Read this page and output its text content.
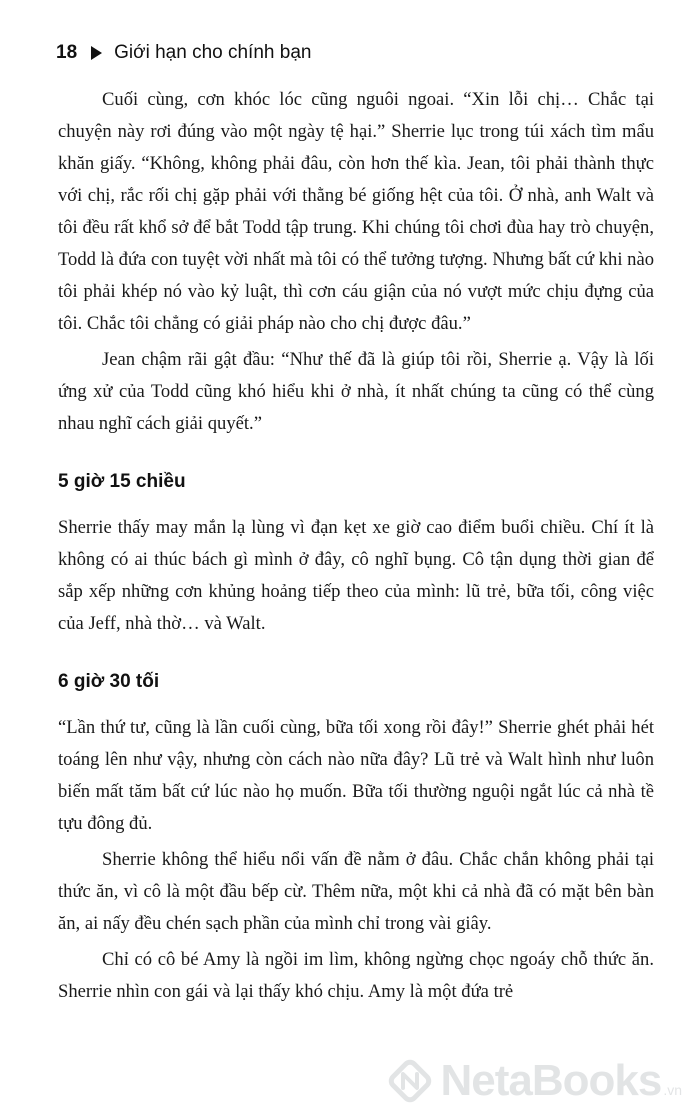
18 Giới hạn cho chính bạn

Cuối cùng, cơn khóc lóc cũng nguôi ngoai. “Xin lỗi chị… Chắc tại chuyện này rơi đúng vào một ngày tệ hại.” Sherrie lục trong túi xách tìm mẩu khăn giấy. “Không, không phải đâu, còn hơn thế kìa. Jean, tôi phải thành thực với chị, rắc rối chị gặp phải với thằng bé giống hệt của tôi. Ở nhà, anh Walt và tôi đều rất khổ sở để bắt Todd tập trung. Khi chúng tôi chơi đùa hay trò chuyện, Todd là đứa con tuyệt vời nhất mà tôi có thể tưởng tượng. Nhưng bất cứ khi nào tôi phải khép nó vào kỷ luật, thì cơn cáu giận của nó vượt mức chịu đựng của tôi. Chắc tôi chẳng có giải pháp nào cho chị được đâu.”

Jean chậm rãi gật đầu: “Như thế đã là giúp tôi rồi, Sherrie ạ. Vậy là lối ứng xử của Todd cũng khó hiểu khi ở nhà, ít nhất chúng ta cũng có thể cùng nhau nghĩ cách giải quyết.”

5 giờ 15 chiều

Sherrie thấy may mắn lạ lùng vì đạn kẹt xe giờ cao điểm buổi chiều. Chí ít là không có ai thúc bách gì mình ở đây, cô nghĩ bụng. Cô tận dụng thời gian để sắp xếp những cơn khủng hoảng tiếp theo của mình: lũ trẻ, bữa tối, công việc của Jeff, nhà thờ… và Walt.

6 giờ 30 tối

“Lần thứ tư, cũng là lần cuối cùng, bữa tối xong rồi đây!” Sherrie ghét phải hét toáng lên như vậy, nhưng còn cách nào nữa đây? Lũ trẻ và Walt hình như luôn biến mất tăm bất cứ lúc nào họ muốn. Bữa tối thường nguội ngắt lúc cả nhà tề tựu đông đủ.

Sherrie không thể hiểu nổi vấn đề nằm ở đâu. Chắc chắn không phải tại thức ăn, vì cô là một đầu bếp cừ. Thêm nữa, một khi cả nhà đã có mặt bên bàn ăn, ai nấy đều chén sạch phần của mình chỉ trong vài giây.

Chỉ có cô bé Amy là ngồi im lìm, không ngừng chọc ngoáy chỗ thức ăn. Sherrie nhìn con gái và lại thấy khó chịu. Amy là một đứa trẻ

NetaBooks .vn
